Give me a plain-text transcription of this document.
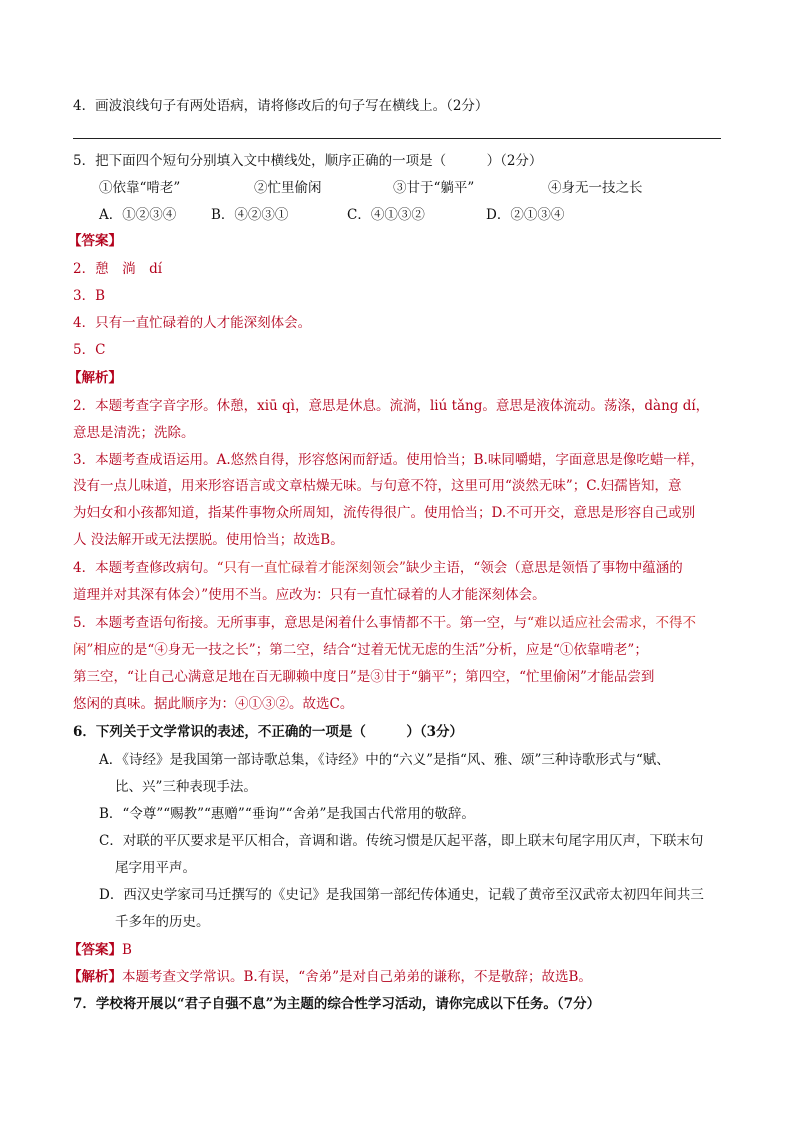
4．画波浪线句子有两处语病，请将修改后的句子写在横线上。（2分）
5．把下面四个短句分别填入文中横线处，顺序正确的一项是（　　　）（2分）
①依靠“啃老”	②忙里偷闲	③甘于“躺平”	④身无一技之长
A．①②③④	B．④②③①	C．④①③②	D．②①③④
【答案】
2．憩　淌　dí
3．B
4．只有一直忙碌着的人才能深刻体会。
5．C
【解析】
2．本题考查字音字形。休憩，xiū qì，意思是休息。流淌，liú tǎng。意思是液体流动。荡涤，dàng dí，
意思是清洗；洗除。
3．本题考查成语运用。A.悠然自得，形容悠闲而舒适。使用恰当；B.味同嚼蜡，字面意思是像吃蜡一样，
没有一点儿味道，用来形容语言或文章枯燥无味。与句意不符，这里可用“淡然无味”；C.妇孺皆知，意
为妇女和小孩都知道，指某件事物众所周知，流传得很广。使用恰当；D.不可开交，意思是形容自己或别
人 没法解开或无法摆脱。使用恰当；故选B。
4．本题考查修改病句。“只有一直忙碌着才能深刻领会”缺少主语，“领会（意思是领悟了事物中蕴涵的
道理并对其深有体会）”使用不当。应改为：只有一直忙碌着的人才能深刻体会。
5．本题考查语句衔接。无所事事，意思是闲着什么事情都不干。第一空，与“难以适应社会需求，不得不
闲”相应的是“④身无一技之长”；第二空，结合“过着无忧无虑的生活”分析，应是“①依靠啃老”；
第三空，“让自己心满意足地在百无聊赖中度日”是③甘于“躺平”；第四空，“忙里偷闲”才能品尝到
悠闲的真味。据此顺序为：④①③②。故选C。
6．下列关于文学常识的表述，不正确的一项是（　　　）（3分）
A．《诗经》是我国第一部诗歌总集，《诗经》中的“六义”是指“风、雅、颂”三种诗歌形式与“赋、
比、兴”三种表现手法。
B．“令尊”“赐教”“惠赠”“垂询”“舍弟”是我国古代常用的敬辞。
C．对联的平仄要求是平仄相合，音调和谐。传统习惯是仄起平落，即上联末句尾字用仄声，下联末句
尾字用平声。
D．西汉史学家司马迁撰写的《史记》是我国第一部纪传体通史，记载了黄帝至汉武帝太初四年间共三
千多年的历史。
【答案】B
【解析】本题考查文学常识。B.有误，“舍弟”是对自己弟弟的谦称，不是敬辞；故选B。
7．学校将开展以“君子自强不息”为主题的综合性学习活动，请你完成以下任务。（7分）
